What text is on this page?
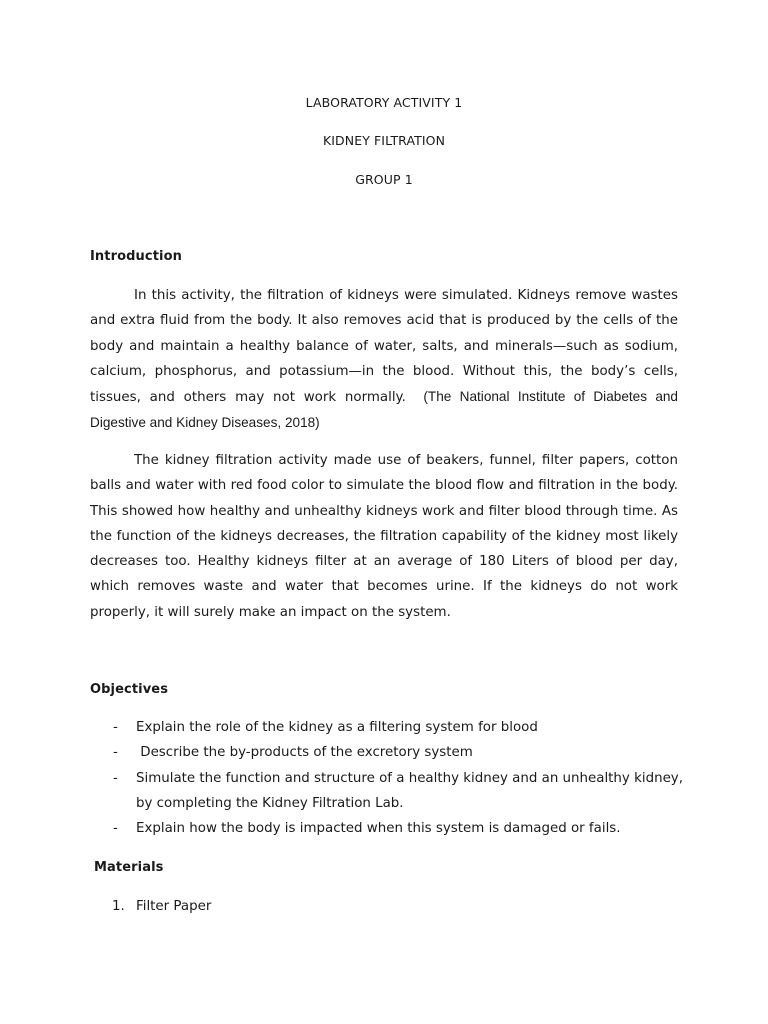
LABORATORY ACTIVITY 1
KIDNEY FILTRATION
GROUP 1
Introduction
In this activity, the filtration of kidneys were simulated. Kidneys remove wastes and extra fluid from the body. It also removes acid that is produced by the cells of the body and maintain a healthy balance of water, salts, and minerals—such as sodium, calcium, phosphorus, and potassium—in the blood. Without this, the body’s cells, tissues, and others may not work normally. (The National Institute of Diabetes and Digestive and Kidney Diseases, 2018)
The kidney filtration activity made use of beakers, funnel, filter papers, cotton balls and water with red food color to simulate the blood flow and filtration in the body. This showed how healthy and unhealthy kidneys work and filter blood through time. As the function of the kidneys decreases, the filtration capability of the kidney most likely decreases too. Healthy kidneys filter at an average of 180 Liters of blood per day, which removes waste and water that becomes urine. If the kidneys do not work properly, it will surely make an impact on the system.
Objectives
- Explain the role of the kidney as a filtering system for blood
- Describe the by-products of the excretory system
- Simulate the function and structure of a healthy kidney and an unhealthy kidney, by completing the Kidney Filtration Lab.
- Explain how the body is impacted when this system is damaged or fails.
Materials
1. Filter Paper
